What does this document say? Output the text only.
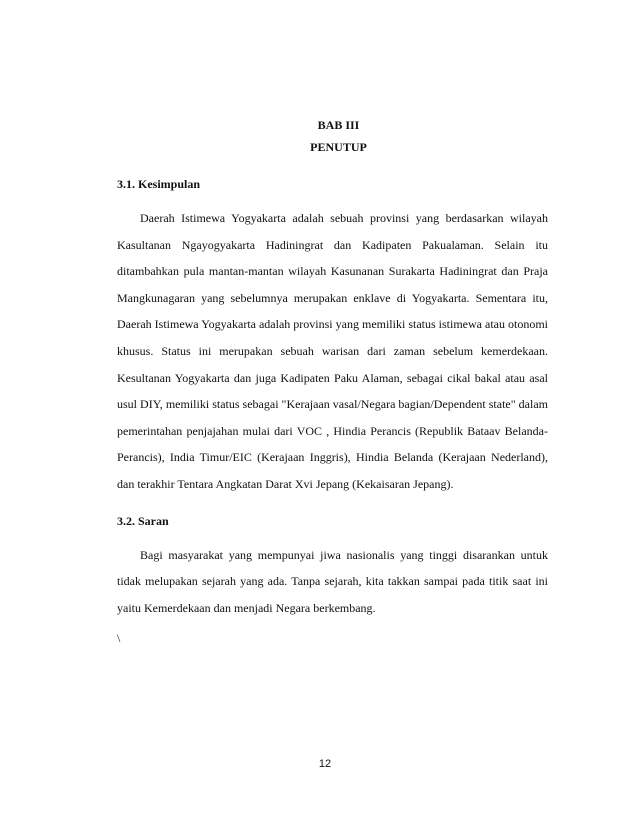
BAB III

PENUTUP

3.1. Kesimpulan

Daerah Istimewa Yogyakarta adalah sebuah provinsi yang berdasarkan wilayah Kasultanan Ngayogyakarta Hadiningrat dan Kadipaten Pakualaman. Selain itu ditambahkan pula mantan-mantan wilayah Kasunanan Surakarta Hadiningrat dan Praja Mangkunagaran yang sebelumnya merupakan enklave di Yogyakarta. Sementara itu, Daerah Istimewa Yogyakarta adalah provinsi yang memiliki status istimewa atau otonomi khusus. Status ini merupakan sebuah warisan dari zaman sebelum kemerdekaan. Kesultanan Yogyakarta dan juga Kadipaten Paku Alaman, sebagai cikal bakal atau asal usul DIY, memiliki status sebagai "Kerajaan vasal/Negara bagian/Dependent state" dalam pemerintahan penjajahan mulai dari VOC , Hindia Perancis (Republik Bataav Belanda-Perancis), India Timur/EIC (Kerajaan Inggris), Hindia Belanda (Kerajaan Nederland), dan terakhir Tentara Angkatan Darat Xvi Jepang (Kekaisaran Jepang).

3.2. Saran

Bagi masyarakat yang mempunyai jiwa nasionalis yang tinggi disarankan untuk tidak melupakan sejarah yang ada. Tanpa sejarah, kita takkan sampai pada titik saat ini yaitu Kemerdekaan dan menjadi Negara berkembang.

\

12
